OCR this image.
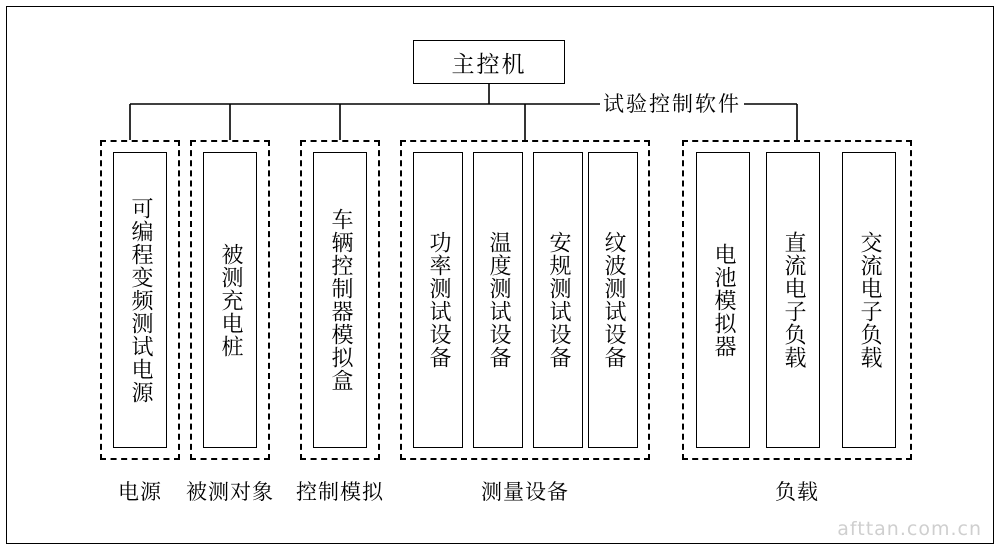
主控机
试验控制软件
可编程变频测试电源
电源
被测充电桩
被测对象
车辆控制器模拟盒
控制模拟
功率测试设备 温度测试设备 安规测试设备 纹波测试设备
测量设备
电池模拟器 直流电子负载 交流电子负载
负载
afttan.com.cn
